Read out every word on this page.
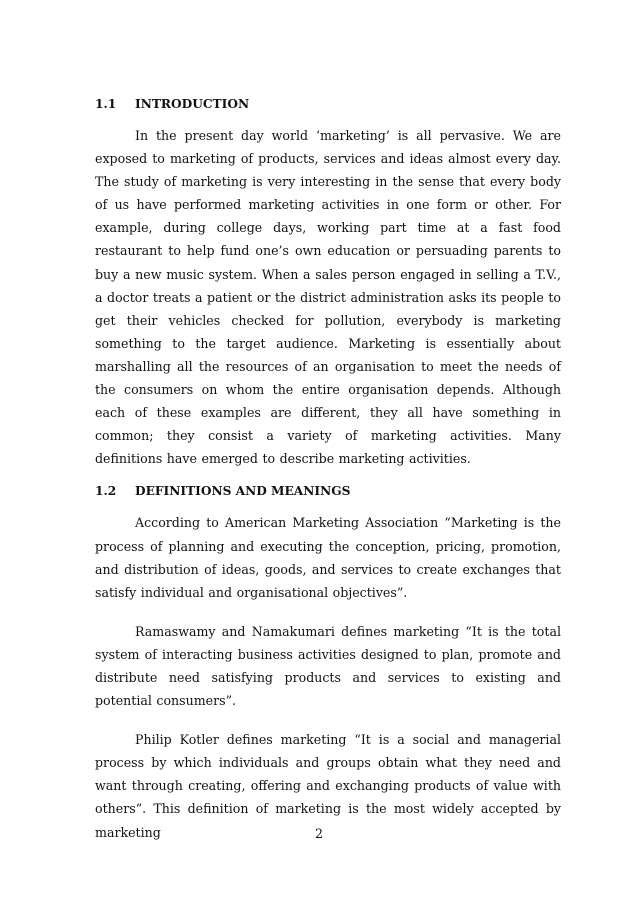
1.1	INTRODUCTION

In the present day world ‘marketing’ is all pervasive. We are exposed to marketing of products, services and ideas almost every day. The study of marketing is very interesting in the sense that every body of us have performed marketing activities in one form or other. For example, during college days, working part time at a fast food restaurant to help fund one’s own education or persuading parents to buy a new music system. When a sales person engaged in selling a T.V., a doctor treats a patient or the district administration asks its people to get their vehicles checked for pollution, everybody is marketing something to the target audience. Marketing is essentially about marshalling all the resources of an organisation to meet the needs of the consumers on whom the entire organisation depends. Although each of these examples are different, they all have something in common; they consist a variety of marketing activities. Many definitions have emerged to describe marketing activities.

1.2	DEFINITIONS AND MEANINGS

According to American Marketing Association “Marketing is the process of planning and executing the conception, pricing, promotion, and distribution of ideas, goods, and services to create exchanges that satisfy individual and organisational objectives”.

Ramaswamy and Namakumari defines marketing “It is the total system of interacting business activities designed to plan, promote and distribute need satisfying products and services to existing and potential consumers”.

Philip Kotler defines marketing “It is a social and managerial process by which individuals and groups obtain what they need and want through creating, offering and exchanging products of value with others”. This definition of marketing is the most widely accepted by marketing	2
